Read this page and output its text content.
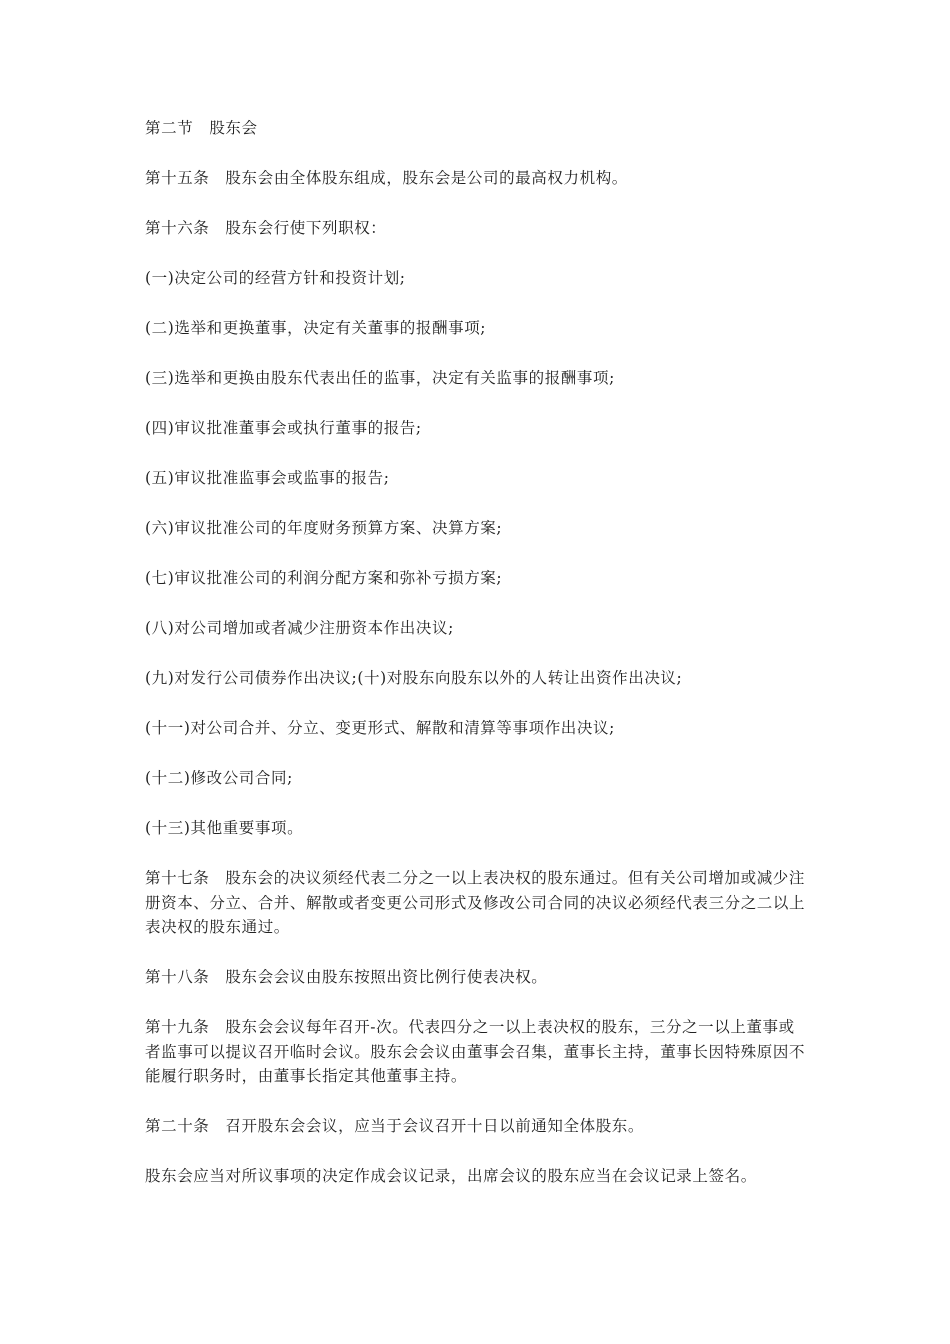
第二节 股东会

第十五条 股东会由全体股东组成，股东会是公司的最高权力机构。

第十六条 股东会行使下列职权：

(一)决定公司的经营方针和投资计划;

(二)选举和更换董事，决定有关董事的报酬事项;

(三)选举和更换由股东代表出任的监事，决定有关监事的报酬事项;

(四)审议批准董事会或执行董事的报告;

(五)审议批准监事会或监事的报告;

(六)审议批准公司的年度财务预算方案、决算方案;

(七)审议批准公司的利润分配方案和弥补亏损方案;

(八)对公司增加或者减少注册资本作出决议;

(九)对发行公司债券作出决议;(十)对股东向股东以外的人转让出资作出决议;

(十一)对公司合并、分立、变更形式、解散和清算等事项作出决议;

(十二)修改公司合同;

(十三)其他重要事项。

第十七条 股东会的决议须经代表二分之一以上表决权的股东通过。但有关公司增加或减少注册资本、分立、合并、解散或者变更公司形式及修改公司合同的决议必须经代表三分之二以上表决权的股东通过。

第十八条 股东会会议由股东按照出资比例行使表决权。

第十九条 股东会会议每年召开-次。代表四分之一以上表决权的股东，三分之一以上董事或者监事可以提议召开临时会议。股东会会议由董事会召集，董事长主持，董事长因特殊原因不能履行职务时，由董事长指定其他董事主持。

第二十条 召开股东会会议，应当于会议召开十日以前通知全体股东。

股东会应当对所议事项的决定作成会议记录，出席会议的股东应当在会议记录上签名。
